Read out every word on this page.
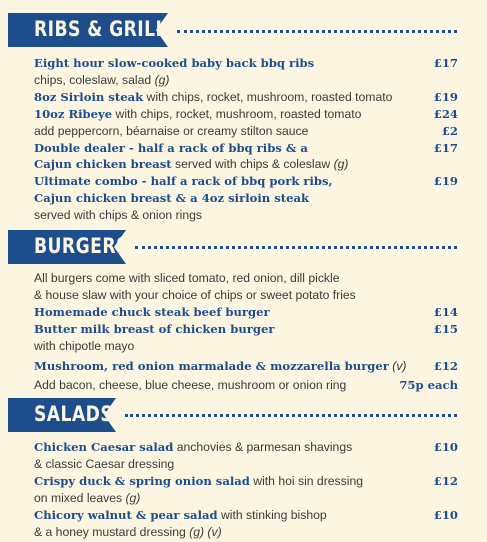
RIBS & GRILLS
Eight hour slow-cooked baby back bbq ribs
chips, coleslaw, salad (g)
£17
8oz Sirloin steak with chips, rocket, mushroom, roasted tomato	£19
10oz Ribeye with chips, rocket, mushroom, roasted tomato	£24
add peppercorn, béarnaise or creamy stilton sauce	£2
Double dealer - half a rack of bbq ribs & a
Cajun chicken breast served with chips & coleslaw (g)
£17
Ultimate combo - half a rack of bbq pork ribs,
Cajun chicken breast & a 4oz sirloin steak
served with chips & onion rings
£19
BURGERS
All burgers come with sliced tomato, red onion, dill pickle
& house slaw with your choice of chips or sweet potato fries
Homemade chuck steak beef burger	£14
Butter milk breast of chicken burger
with chipotle mayo
£15
Mushroom, red onion marmalade & mozzarella burger (v) £12
Add bacon, cheese, blue cheese, mushroom or onion ring	75p each
SALADS
Chicken Caesar salad anchovies & parmesan shavings
& classic Caesar dressing
£10
Crispy duck & spring onion salad with hoi sin dressing
on mixed leaves (g)
£12
Chicory walnut & pear salad with stinking bishop
& a honey mustard dressing (g) (v)
£10
